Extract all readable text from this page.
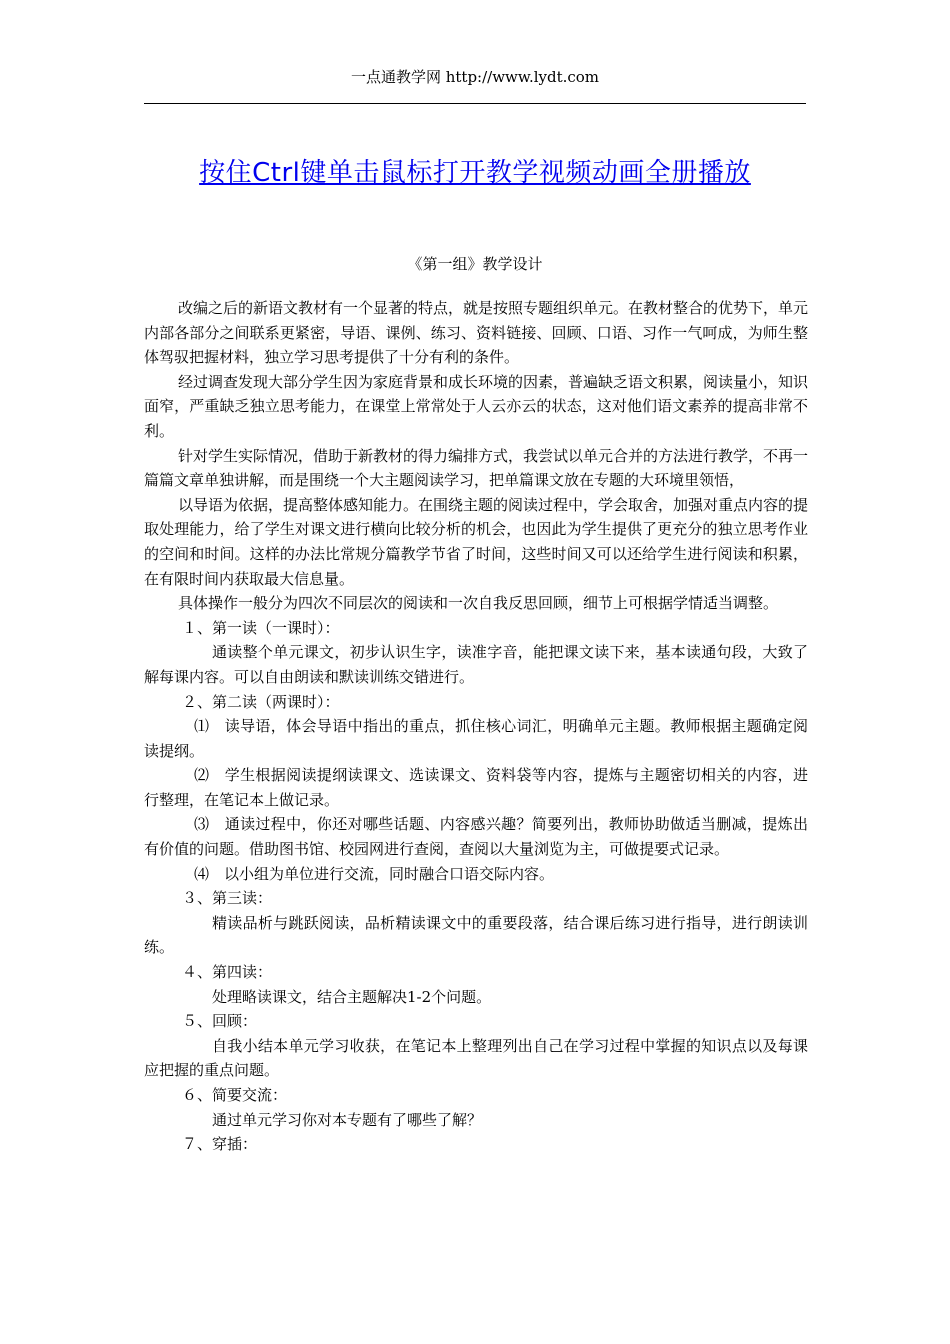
一点通教学网 http://www.lydt.com
按住Ctrl键单击鼠标打开教学视频动画全册播放
《第一组》教学设计

改编之后的新语文教材有一个显著的特点，就是按照专题组织单元。在教材整合的优势下，单元内部各部分之间联系更紧密，导语、课例、练习、资料链接、回顾、口语、习作一气呵成，为师生整体驾驭把握材料，独立学习思考提供了十分有利的条件。

经过调查发现大部分学生因为家庭背景和成长环境的因素，普遍缺乏语文积累，阅读量小，知识面窄，严重缺乏独立思考能力，在课堂上常常处于人云亦云的状态，这对他们语文素养的提高非常不利。

针对学生实际情况，借助于新教材的得力编排方式，我尝试以单元合并的方法进行教学，不再一篇篇文章单独讲解，而是围绕一个大主题阅读学习，把单篇课文放在专题的大环境里领悟，

以导语为依据，提高整体感知能力。在围绕主题的阅读过程中，学会取舍，加强对重点内容的提取处理能力，给了学生对课文进行横向比较分析的机会，也因此为学生提供了更充分的独立思考作业的空间和时间。这样的办法比常规分篇教学节省了时间，这些时间又可以还给学生进行阅读和积累，在有限时间内获取最大信息量。

具体操作一般分为四次不同层次的阅读和一次自我反思回顾，细节上可根据学情适当调整。

１、第一读（一课时）：

通读整个单元课文，初步认识生字，读准字音，能把课文读下来，基本读通句段，大致了解每课内容。可以自由朗读和默读训练交错进行。

２、第二读（两课时）：

⑴　读导语，体会导语中指出的重点，抓住核心词汇，明确单元主题。教师根据主题确定阅读提纲。

⑵　学生根据阅读提纲读课文、选读课文、资料袋等内容，提炼与主题密切相关的内容，进行整理，在笔记本上做记录。

⑶　通读过程中，你还对哪些话题、内容感兴趣？简要列出，教师协助做适当删减，提炼出有价值的问题。借助图书馆、校园网进行查阅，查阅以大量浏览为主，可做提要式记录。

⑷　以小组为单位进行交流，同时融合口语交际内容。

３、第三读：

精读品析与跳跃阅读，品析精读课文中的重要段落，结合课后练习进行指导，进行朗读训练。

４、第四读：

处理略读课文，结合主题解决1-2个问题。

５、回顾：

自我小结本单元学习收获，在笔记本上整理列出自己在学习过程中掌握的知识点以及每课应把握的重点问题。

６、简要交流：

通过单元学习你对本专题有了哪些了解？

７、穿插：
